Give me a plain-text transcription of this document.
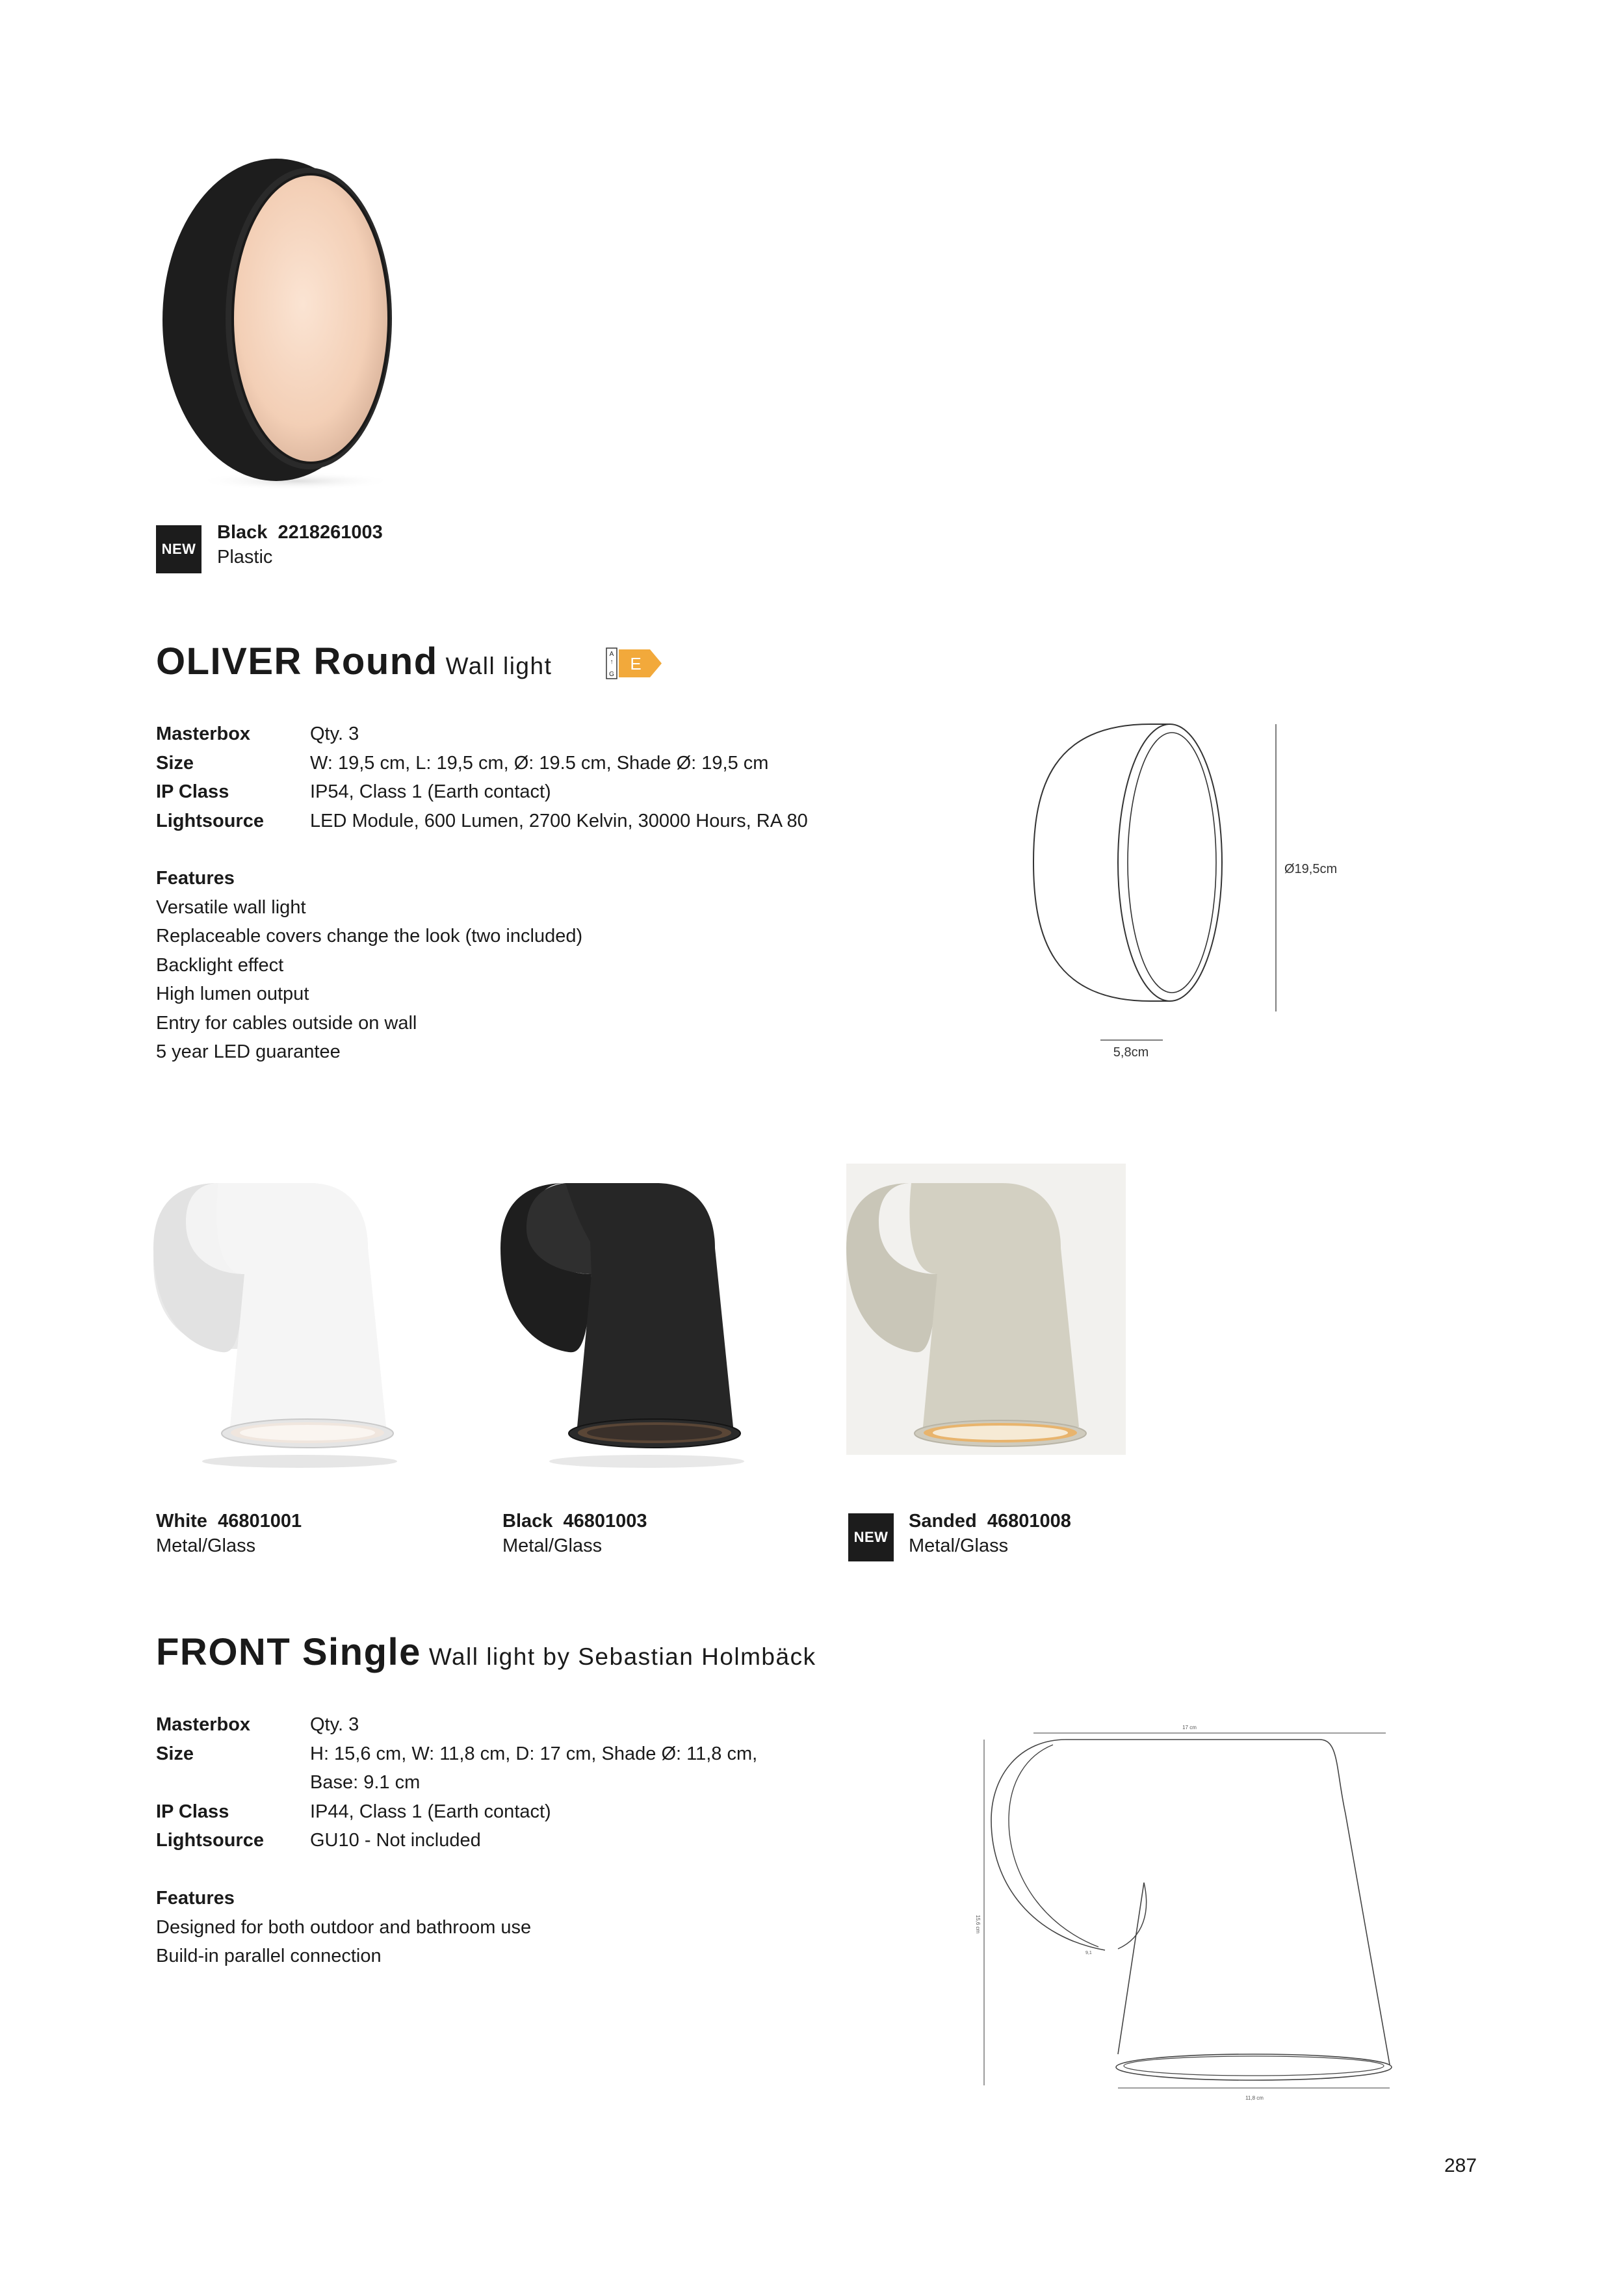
NEW
Black 2218261003
Plastic
OLIVER Round Wall light	A
↑
G
E
Masterbox	Qty. 3
Size	W: 19,5 cm, L: 19,5 cm, Ø: 19.5 cm, Shade Ø: 19,5 cm
IP Class	IP54, Class 1 (Earth contact)
Lightsource	LED Module, 600 Lumen, 2700 Kelvin, 30000 Hours, RA 80
Features
Versatile wall light
Replaceable covers change the look (two included)
Backlight effect
High lumen output
Entry for cables outside on wall
5 year LED guarantee
Ø19,5cm
5,8cm
White 46801001
Metal/Glass
Black 46801003
Metal/Glass	NEW
Sanded 46801008
Metal/Glass
FRONT Single Wall light by Sebastian Holmbäck
Masterbox	Qty. 3
Size	H: 15,6 cm, W: 11,8 cm, D: 17 cm, Shade Ø: 11,8 cm,
Base: 9.1 cm
IP Class	IP44, Class 1 (Earth contact)
Lightsource	GU10 - Not included
Features
Designed for both outdoor and bathroom use
Build-in parallel connection
17 cm
15,6 cm
9,1
11,8 cm
287
